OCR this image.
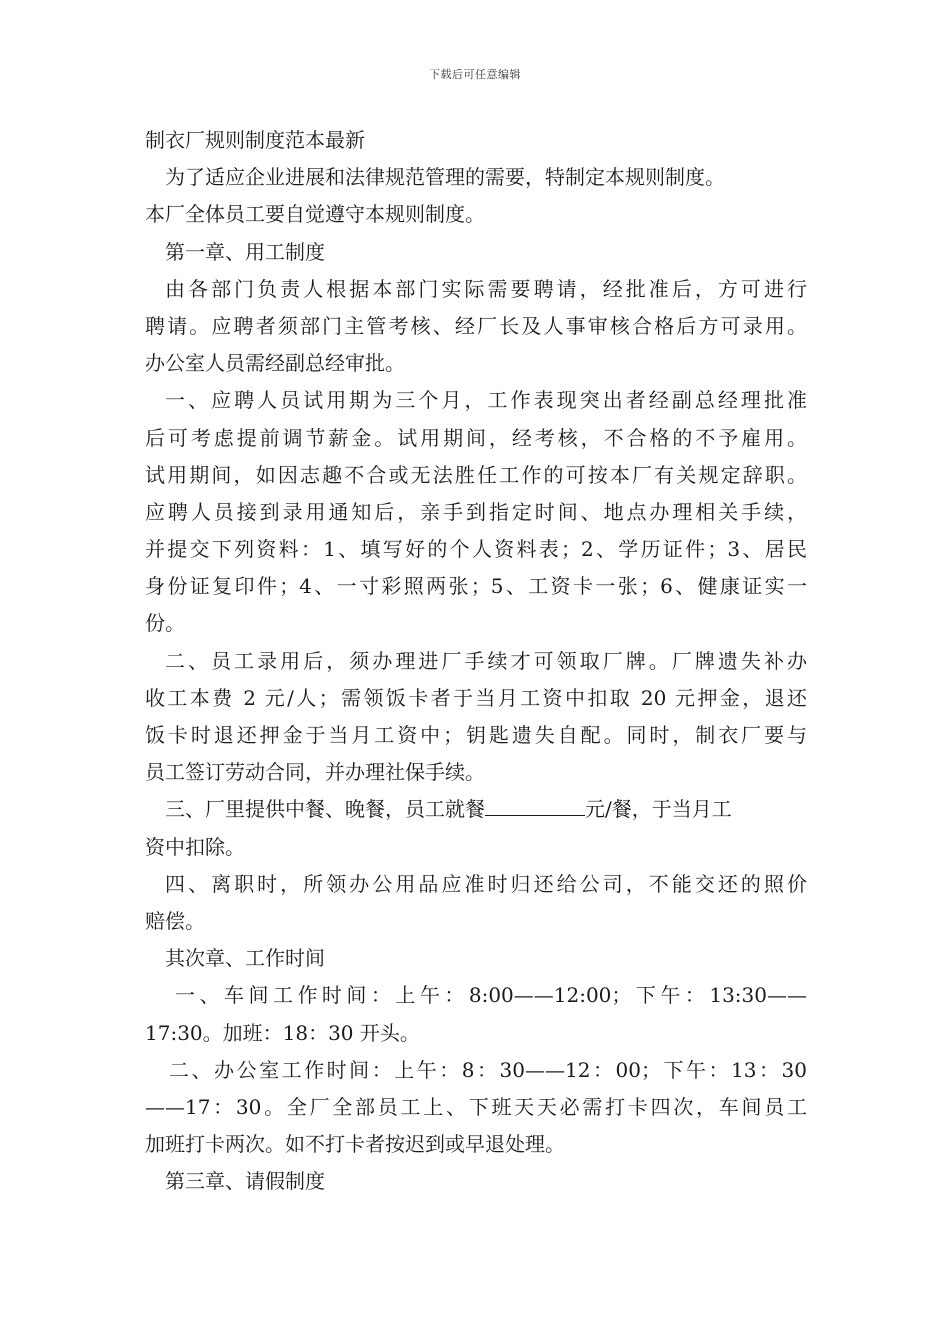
下载后可任意编辑
制衣厂规则制度范本最新
为了适应企业进展和法律规范管理的需要，特制定本规则制度。
本厂全体员工要自觉遵守本规则制度。
第一章、用工制度
由各部门负责人根据本部门实际需要聘请，经批准后，方可进行
聘请。应聘者须部门主管考核、经厂长及人事审核合格后方可录用。
办公室人员需经副总经审批。
一、应聘人员试用期为三个月，工作表现突出者经副总经理批准
后可考虑提前调节薪金。试用期间，经考核，不合格的不予雇用。
试用期间，如因志趣不合或无法胜任工作的可按本厂有关规定辞职。
应聘人员接到录用通知后，亲手到指定时间、地点办理相关手续，
并提交下列资料：1、填写好的个人资料表；2、学历证件；3、居民
身份证复印件；4、一寸彩照两张；5、工资卡一张；6、健康证实一
份。
二、员工录用后，须办理进厂手续才可领取厂牌。厂牌遗失补办
收工本费 2 元/人；需领饭卡者于当月工资中扣取 20 元押金，退还
饭卡时退还押金于当月工资中；钥匙遗失自配。同时，制衣厂要与
员工签订劳动合同，并办理社保手续。
三、厂里提供中餐、晚餐，员工就餐	元/餐，于当月工
资中扣除。
四、离职时，所领办公用品应准时归还给公司，不能交还的照价
赔偿。
其次章、工作时间
一、车间工作时间：上午：8:00——12:00；下午：13:30——
17:30。加班：18：30 开头。
二、办公室工作时间：上午：8：30——12：00；下午：13：30
——17：30。全厂全部员工上、下班天天必需打卡四次，车间员工
加班打卡两次。如不打卡者按迟到或早退处理。
第三章、请假制度
